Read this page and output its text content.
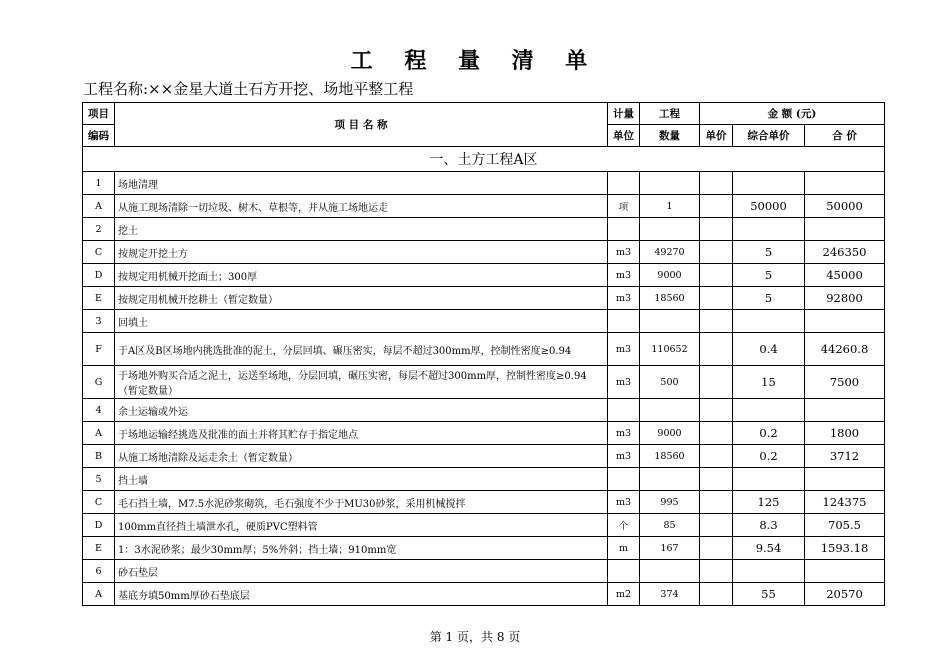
工 程 量 清 单
工程名称:××金星大道土石方开挖、场地平整工程
项目	项 目 名 称	计量	工程	金 额 (元)		
编码		单位	数量	单价	综合单价	合 价
一、土方工程A区						
1	场地清理					
A	从施工现场清除一切垃圾、树木、草根等，并从施工场地运走	项	1		50000	50000
2	挖土					
C	按规定开挖土方	m3	49270		5	246350
D	按规定用机械开挖面土；300厚	m3	9000		5	45000
E	按规定用机械开挖耕土（暂定数量）	m3	18560		5	92800
3	回填土					
F	于A区及B区场地内挑选批准的泥土，分层回填、碾压密实，每层不超过300mm厚，控制性密度≥0.94	m3	110652		0.4	44260.8
G	于场地外购买合适之泥土，运送至场地，分层回填，碾压实密，每层不超过300mm厚，控制性密度≥0.94（暂定数量）	m3	500		15	7500
4	余土运输或外运					
A	于场地运输经挑选及批准的面土并将其贮存于指定地点	m3	9000		0.2	1800
B	从施工场地清除及运走余土（暂定数量）	m3	18560		0.2	3712
5	挡土墙					
C	毛石挡土墙，M7.5水泥砂浆砌筑，毛石强度不少于MU30砂浆，采用机械搅拌	m3	995		125	124375
D	100mm直径挡土墙泄水孔，硬质PVC塑料管	个	85		8.3	705.5
E	1：3水泥砂浆；最少30mm厚；5%外斜；挡土墙；910mm宽	m	167		9.54	1593.18
6	砂石垫层					
A	基底夯填50mm厚砂石垫底层	m2	374		55	20570
第 1 页，共 8 页
